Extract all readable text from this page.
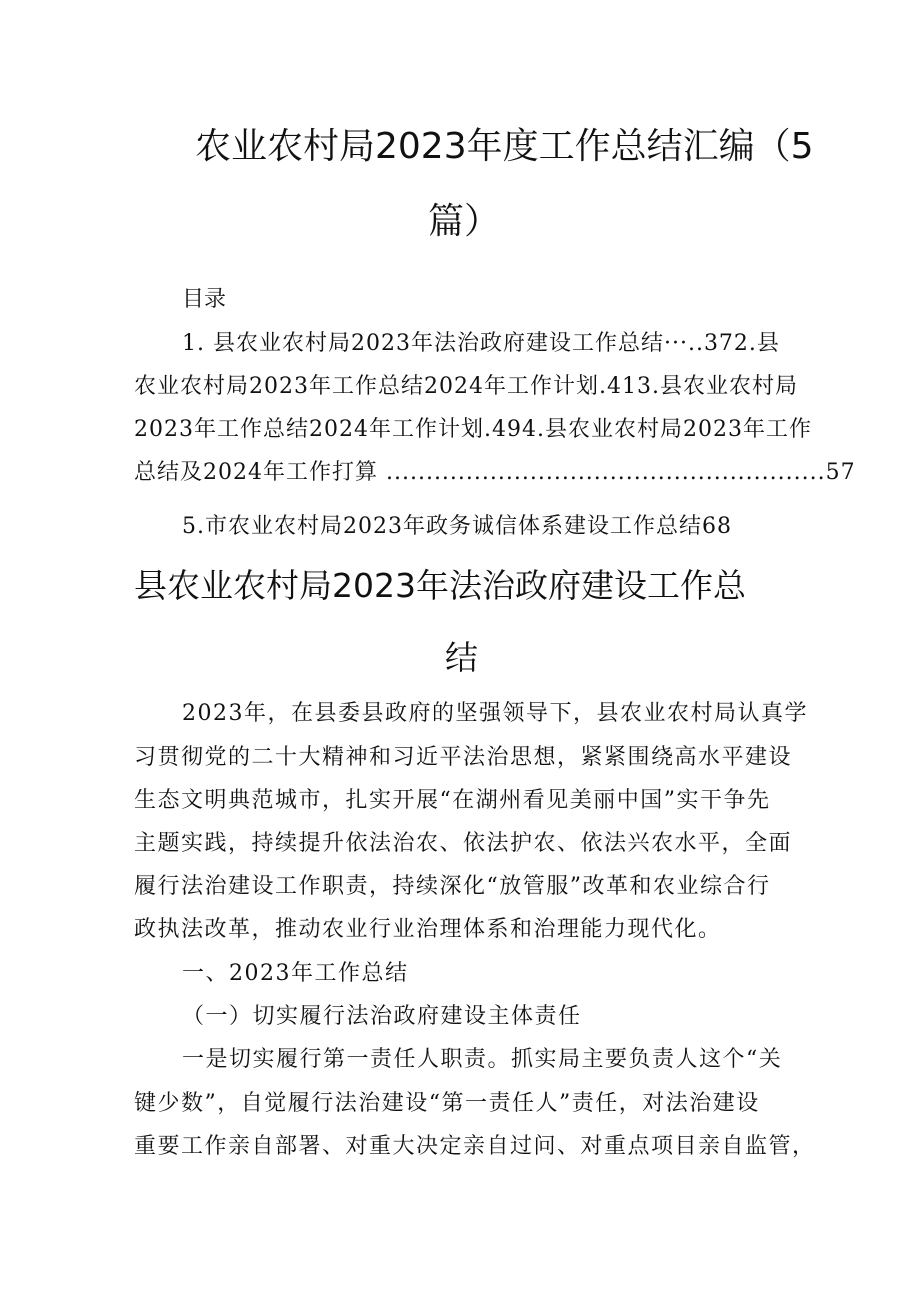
农业农村局2023年度工作总结汇编（5
篇）
目录
1. 县农业农村局2023年法治政府建设工作总结···..372.县
农业农村局2023年工作总结2024年工作计划.413.县农业农村局
2023年工作总结2024年工作计划.494.县农业农村局2023年工作
总结及2024年工作打算 .......................................................57
5.市农业农村局2023年政务诚信体系建设工作总结68
县农业农村局2023年法治政府建设工作总
结
2023年，在县委县政府的坚强领导下，县农业农村局认真学
习贯彻党的二十大精神和习近平法治思想，紧紧围绕高水平建设
生态文明典范城市，扎实开展“在湖州看见美丽中国”实干争先
主题实践，持续提升依法治农、依法护农、依法兴农水平，全面
履行法治建设工作职责，持续深化“放管服”改革和农业综合行
政执法改革，推动农业行业治理体系和治理能力现代化。
一、2023年工作总结
（一）切实履行法治政府建设主体责任
一是切实履行第一责任人职责。抓实局主要负责人这个“关
键少数”，自觉履行法治建设“第一责任人”责任，对法治建设
重要工作亲自部署、对重大决定亲自过问、对重点项目亲自监管，
